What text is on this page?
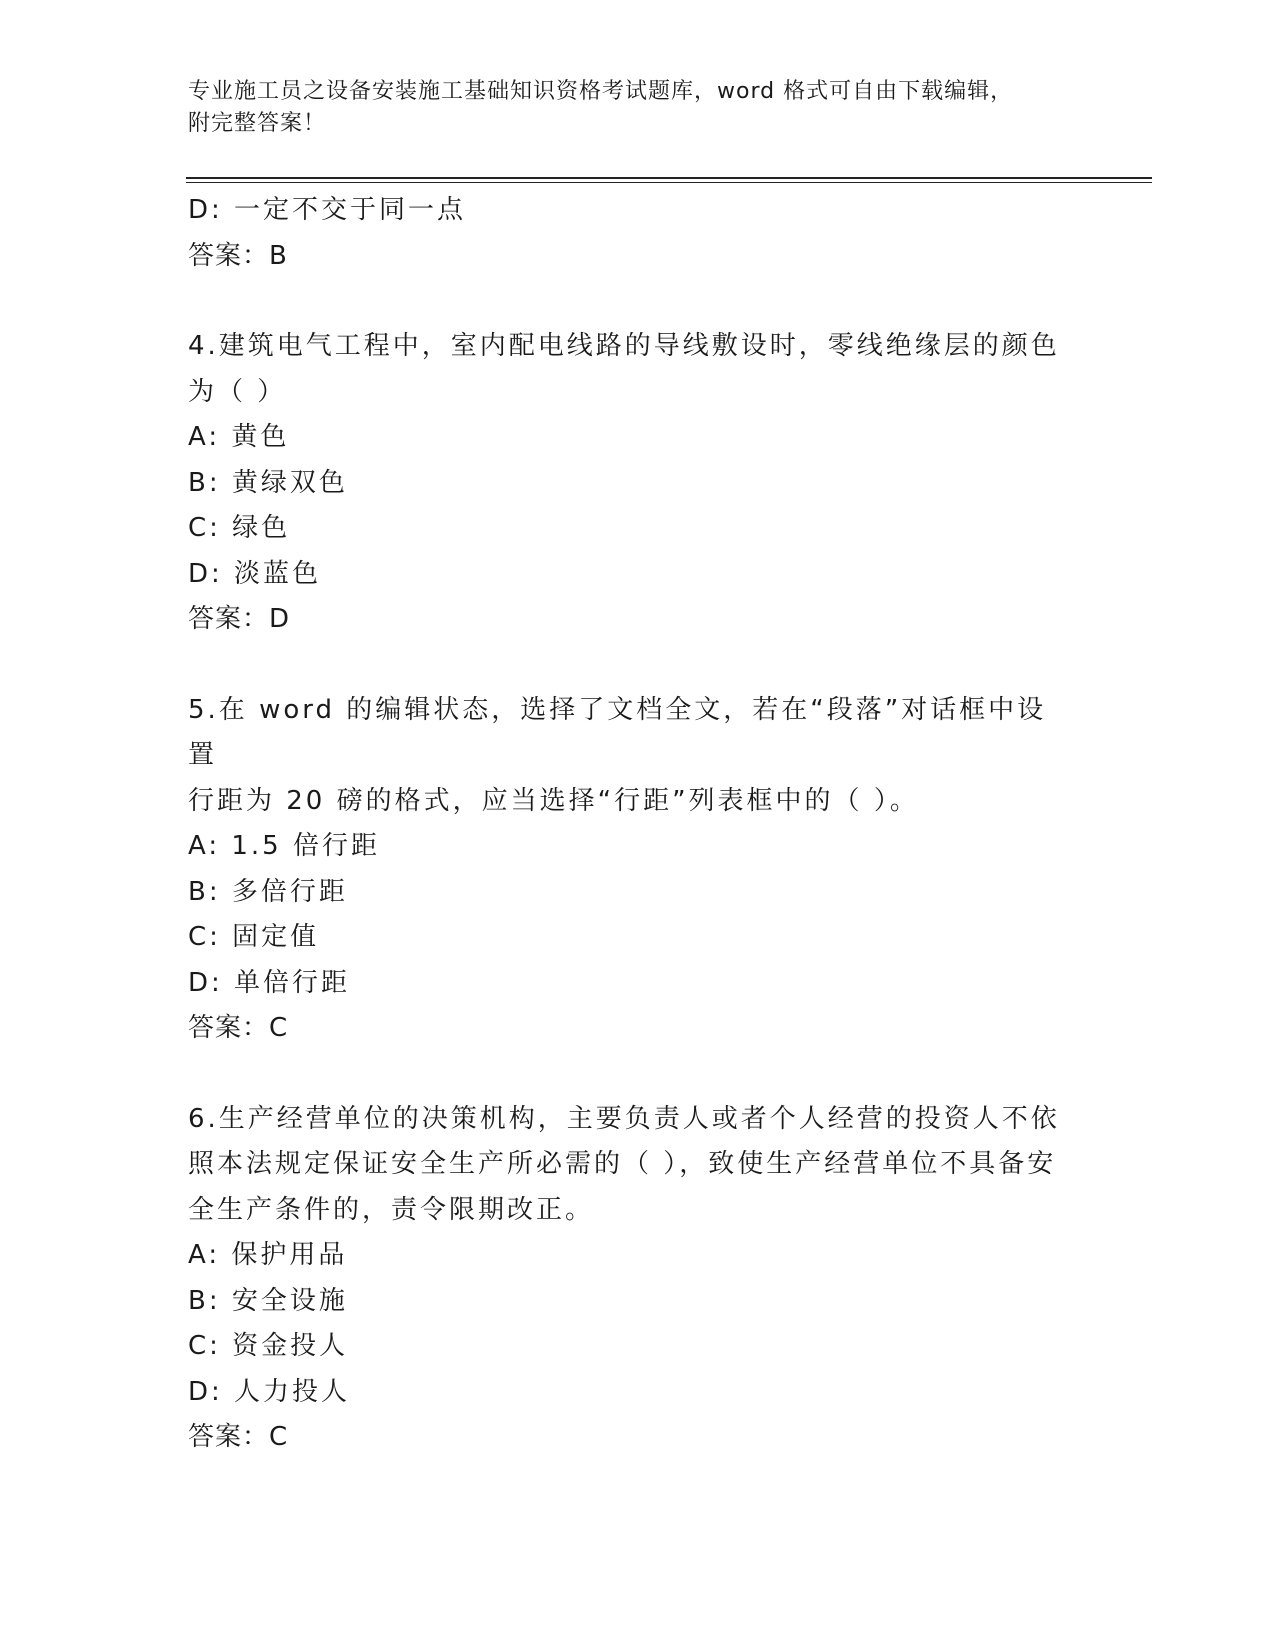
专业施工员之设备安装施工基础知识资格考试题库，word 格式可自由下载编辑，
附完整答案！
D: 一定不交于同一点
答案：B
4.建筑电气工程中，室内配电线路的导线敷设时，零线绝缘层的颜色
为（ ）
A: 黄色
B: 黄绿双色
C: 绿色
D: 淡蓝色
答案：D
5.在 word 的编辑状态，选择了文档全文，若在“段落”对话框中设置
行距为 20 磅的格式，应当选择“行距”列表框中的（ ）。
A: 1.5 倍行距
B: 多倍行距
C: 固定值
D: 单倍行距
答案：C
6.生产经营单位的决策机构，主要负责人或者个人经营的投资人不依
照本法规定保证安全生产所必需的（ ），致使生产经营单位不具备安
全生产条件的，责令限期改正。
A: 保护用品
B: 安全设施
C: 资金投人
D: 人力投人
答案：C
